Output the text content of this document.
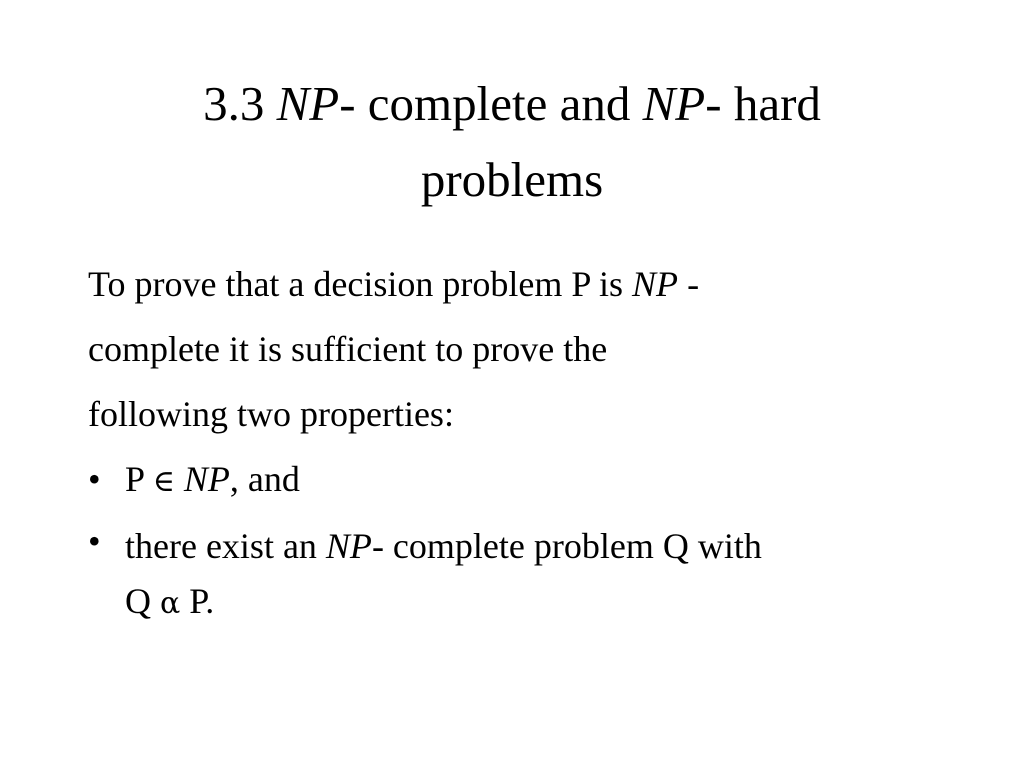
3.3 NP- complete and NP- hard
problems
To prove that a decision problem P is NP -
complete it is sufficient to prove the
following two properties:
• P ∈ NP, and
• there exist an NP- complete problem Q with
Q α P.
